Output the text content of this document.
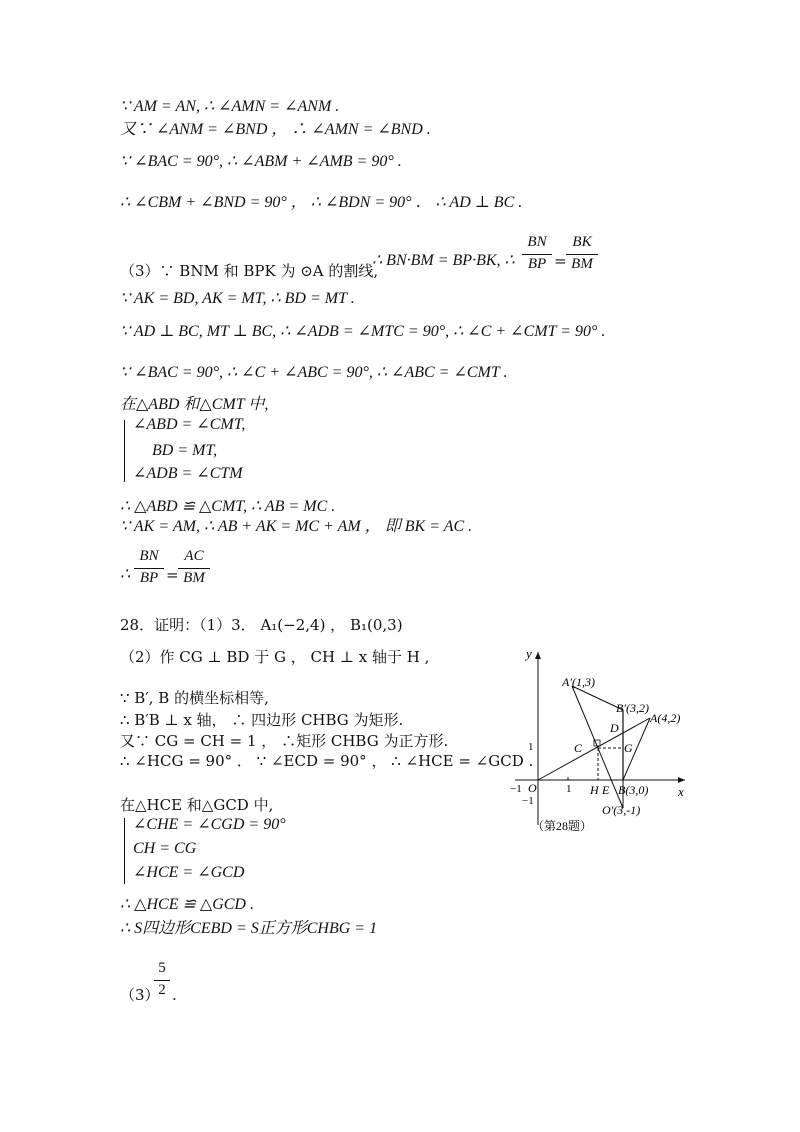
∵ AM = AN, ∴ ∠AMN = ∠ANM .
又∵ ∠ANM = ∠BND ， ∴ ∠AMN = ∠BND .
∵ ∠BAC = 90°, ∴ ∠ABM + ∠AMB = 90° .
∴ ∠CBM + ∠BND = 90° ， ∴ ∠BDN = 90° ． ∴ AD ⊥ BC .
（3）∵ BNM 和 BPK 为 ⊙A 的割线,
∴ BN·BM = BP·BK, ∴
BN
BP =
BK
BM
∵ AK = BD, AK = MT, ∴ BD = MT .
∵ AD ⊥ BC, MT ⊥ BC, ∴ ∠ADB = ∠MTC = 90°, ∴ ∠C + ∠CMT = 90° .
∵ ∠BAC = 90°, ∴ ∠C + ∠ABC = 90°, ∴ ∠ABC = ∠CMT .
在△ABD 和△CMT 中,
∠ABD = ∠CMT,
BD = MT,
∠ADB = ∠CTM
∴ △ABD ≌ △CMT, ∴ AB = MC .
∵ AK = AM, ∴ AB + AK = MC + AM ， 即 BK = AC .
∴
BN
BP =
AC
BM
28．证明：（1）3． A₁(−2,4) ， B₁(0,3)
（2）作 CG ⊥ BD 于 G ， CH ⊥ x 轴于 H ,
∵ B′, B 的横坐标相等,
∴ B′B ⊥ x 轴， ∴ 四边形 CHBG 为矩形.
又∵ CG = CH = 1 ， ∴矩形 CHBG 为正方形.
∴ ∠HCG = 90° ． ∵ ∠ECD = 90° ， ∴ ∠HCE = ∠GCD .
在△HCE 和△GCD 中,
∠CHE = ∠CGD = 90°
CH = CG
∠HCE = ∠GCD
∴ △HCE ≌ △GCD .
∴ S四边形CEBD = S正方形CHBG = 1
（3）
5
2 .
x
y
O
−1	1
1
−1
A′(1,3)
B′(3,2)
A(4,2)
D
C	G
H E B(3,0)
O′(3,-1)
（第28题）
